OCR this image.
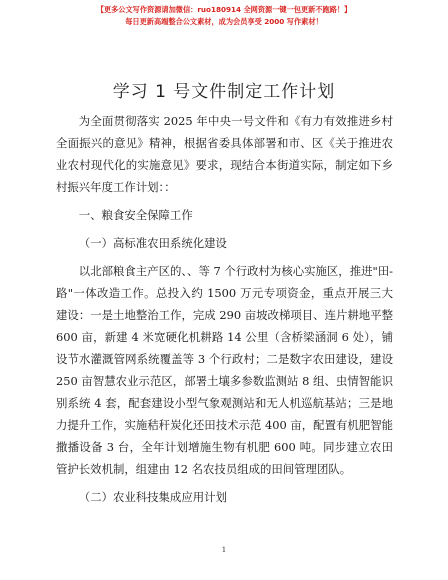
【更多公文写作资源请加微信：ruo180914 全网资源一键一包更新不跑路！】
每日更新高端整合公文素材，成为会员享受 2000 写作素材！
学习 1 号文件制定工作计划

为全面贯彻落实 2025 年中央一号文件和《有力有效推进乡村全面振兴的意见》精神，根据省委具体部署和市、区《关于推进农业农村现代化的实施意见》要求，现结合本街道实际，制定如下乡村振兴年度工作计划：：

一、粮食安全保障工作

（一）高标准农田系统化建设

以北部粮食主产区的、、等 7 个行政村为核心实施区，推进"田-路"一体改造工作。总投入约 1500 万元专项资金，重点开展三大建设：一是土地整治工作，完成 290 亩坡改梯项目、连片耕地平整 600 亩，新建 4 米宽硬化机耕路 14 公里（含桥梁涵洞 6 处），铺设节水灌溉管网系统覆盖等 3 个行政村；二是数字农田建设，建设 250 亩智慧农业示范区，部署土壤多参数监测站 8 组、虫情智能识别系统 4 套，配套建设小型气象观测站和无人机巡航基站；三是地力提升工作，实施秸秆炭化还田技术示范 400 亩，配置有机肥智能撒播设备 3 台，全年计划增施生物有机肥 600 吨。同步建立农田管护长效机制，组建由 12 名农技员组成的田间管理团队。

（二）农业科技集成应用计划

1
